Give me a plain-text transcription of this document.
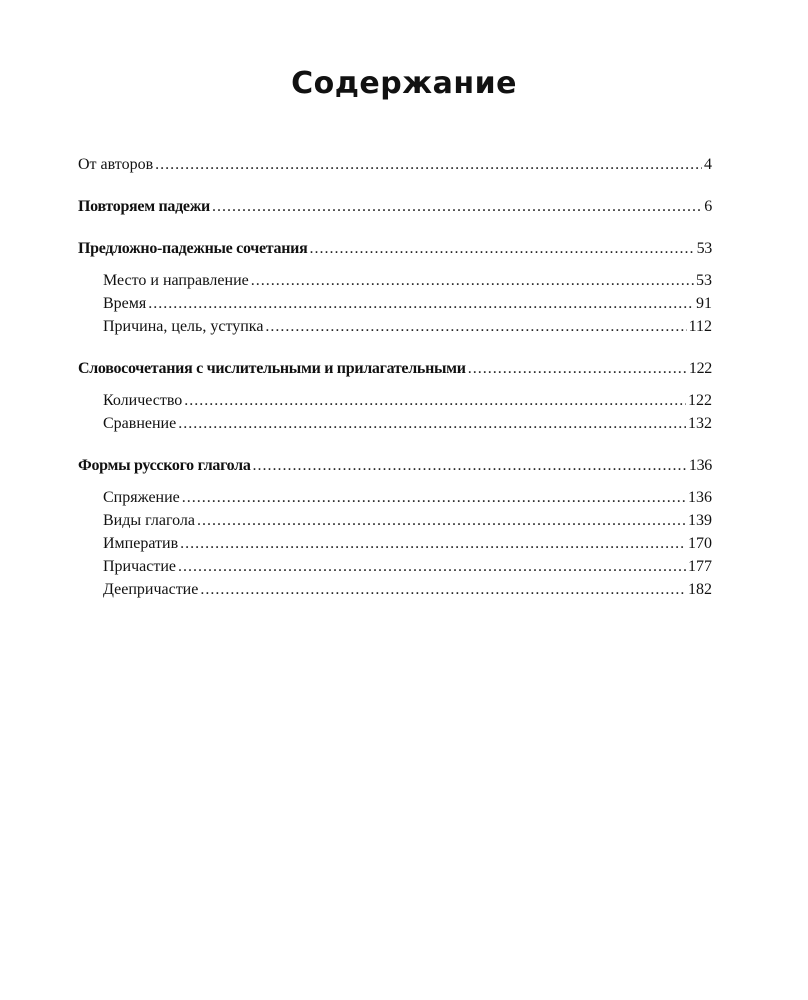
Содержание
От авторов .....	4
Повторяем падежи .....	6
Предложно-падежные сочетания .....	53
Место и направление .....	53
Время .....	91
Причина, цель, уступка .....	112
Словосочетания с числительными и прилагательными .....	122
Количество .....	122
Сравнение .....	132
Формы русского глагола .....	136
Спряжение .....	136
Виды глагола .....	139
Императив .....	170
Причастие .....	177
Деепричастие .....	182
